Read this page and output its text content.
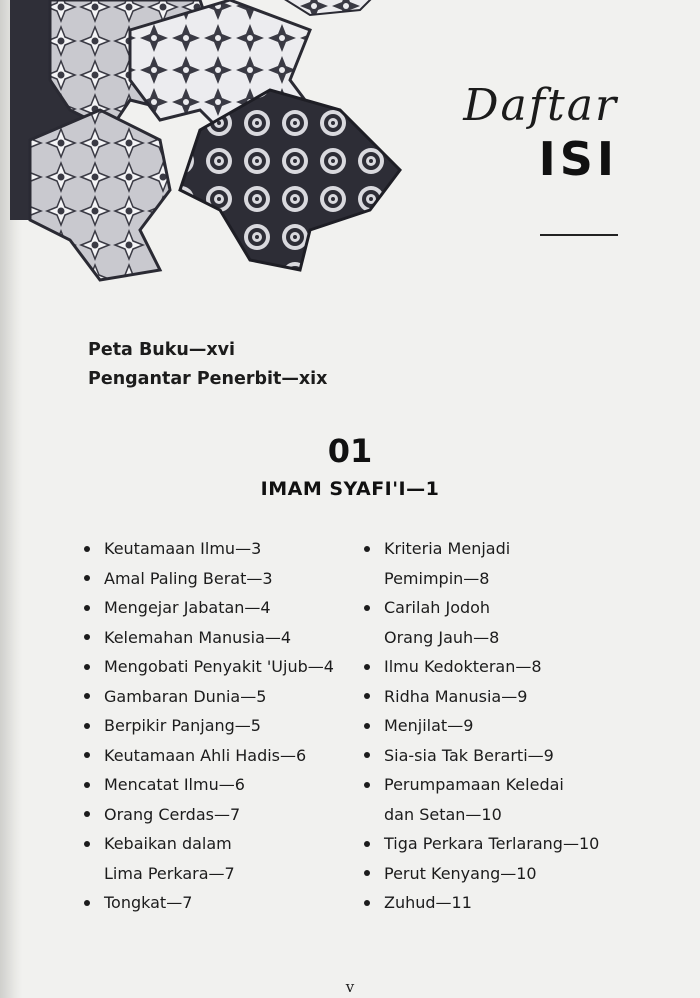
Daftar
ISI
Peta Buku—xvi
Pengantar Penerbit—xix
01
IMAM SYAFI'I—1
Keutamaan Ilmu—3
Amal Paling Berat—3
Mengejar Jabatan—4
Kelemahan Manusia—4
Mengobati Penyakit 'Ujub—4
Gambaran Dunia—5
Berpikir Panjang—5
Keutamaan Ahli Hadis—6
Mencatat Ilmu—6
Orang Cerdas—7
Kebaikan dalam
Lima Perkara—7
Tongkat—7
Kriteria Menjadi
Pemimpin—8
Carilah Jodoh
Orang Jauh—8
Ilmu Kedokteran—8
Ridha Manusia—9
Menjilat—9
Sia-sia Tak Berarti—9
Perumpamaan Keledai
dan Setan—10
Tiga Perkara Terlarang—10
Perut Kenyang—10
Zuhud—11
v
